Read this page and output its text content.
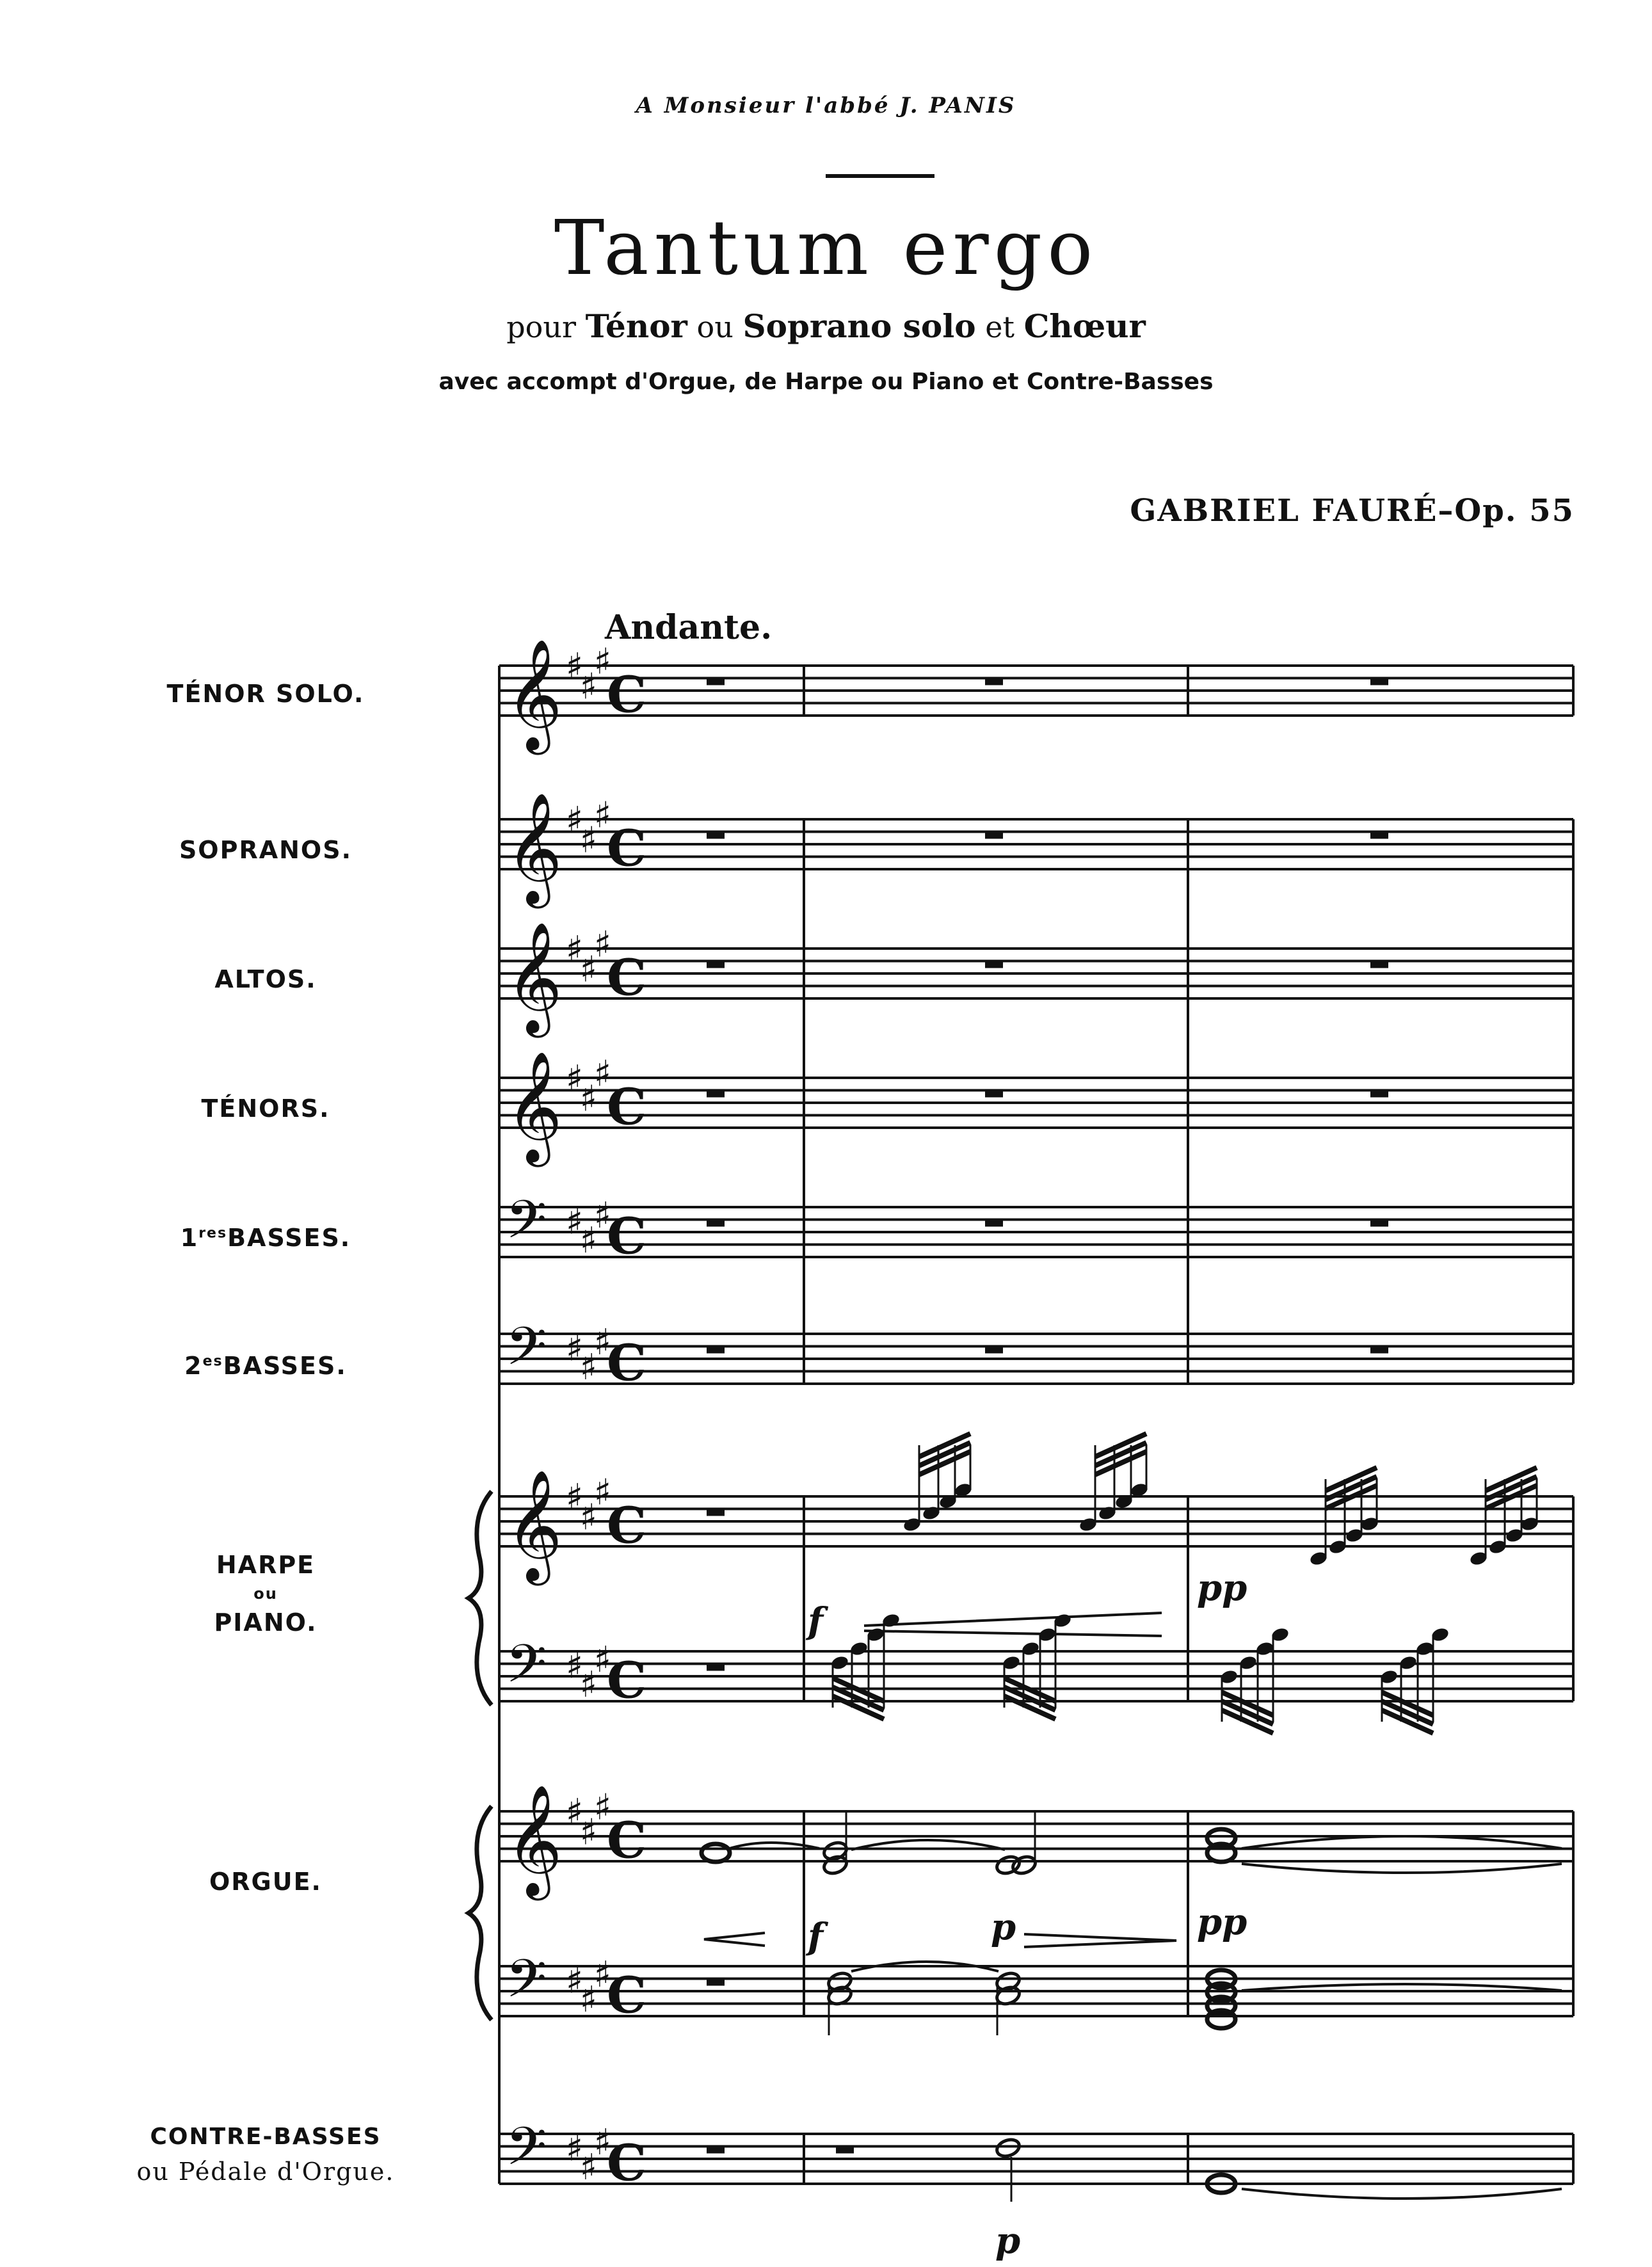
A Monsieur l'abbé J. PANIS
Tantum ergo
pour Ténor ou Soprano solo et Chœur
avec accompt d'Orgue, de Harpe ou Piano et Contre-Basses
GABRIEL FAURÉ–Op. 55
Andante.
TÉNOR SOLO.
SOPRANOS.
ALTOS.
TÉNORS.
1resBASSES.
$2^{es}BASSES$.
HARPE
ou
PIANO.
ORGUE.
CONTRE-BASSES
ou Pédale d'Orgue.
𝄞 ♯
♯
♯
C
𝄞 ♯
♯
♯
C
𝄞 ♯
♯
♯
C
𝄞 ♯
♯
♯
C
𝄢 ♯
♯
♯
C
𝄢 ♯
♯
♯
C
𝄞 ♯
♯
♯
C
𝄢 ♯
♯
♯
C
𝄞 ♯
♯
♯
C
𝄢 ♯
♯
♯
C
𝄢 ♯
♯
♯
C
f
pp
f	p	pp
p
